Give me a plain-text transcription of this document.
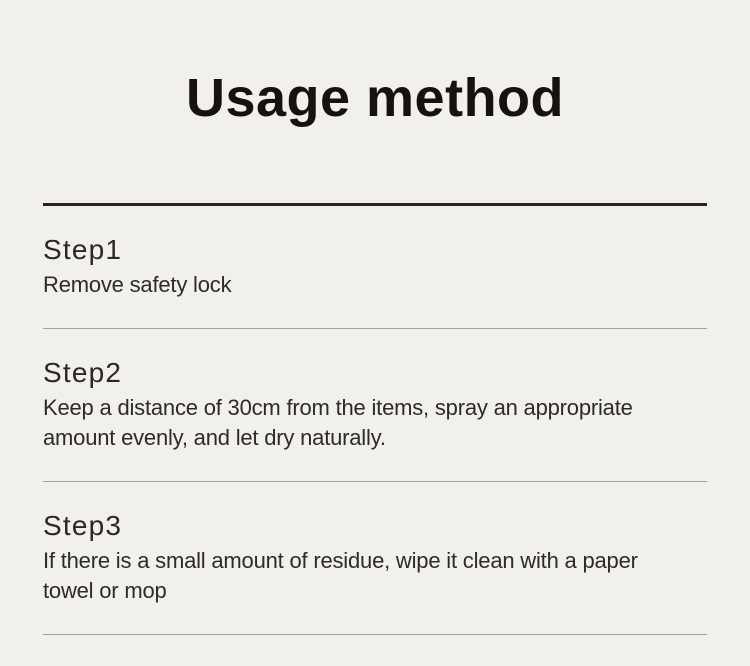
Usage method
Step1

Remove safety lock

Step2

Keep a distance of 30cm from the items, spray an appropriate amount evenly, and let dry naturally.

Step3

If there is a small amount of residue, wipe it clean with a paper towel or mop
